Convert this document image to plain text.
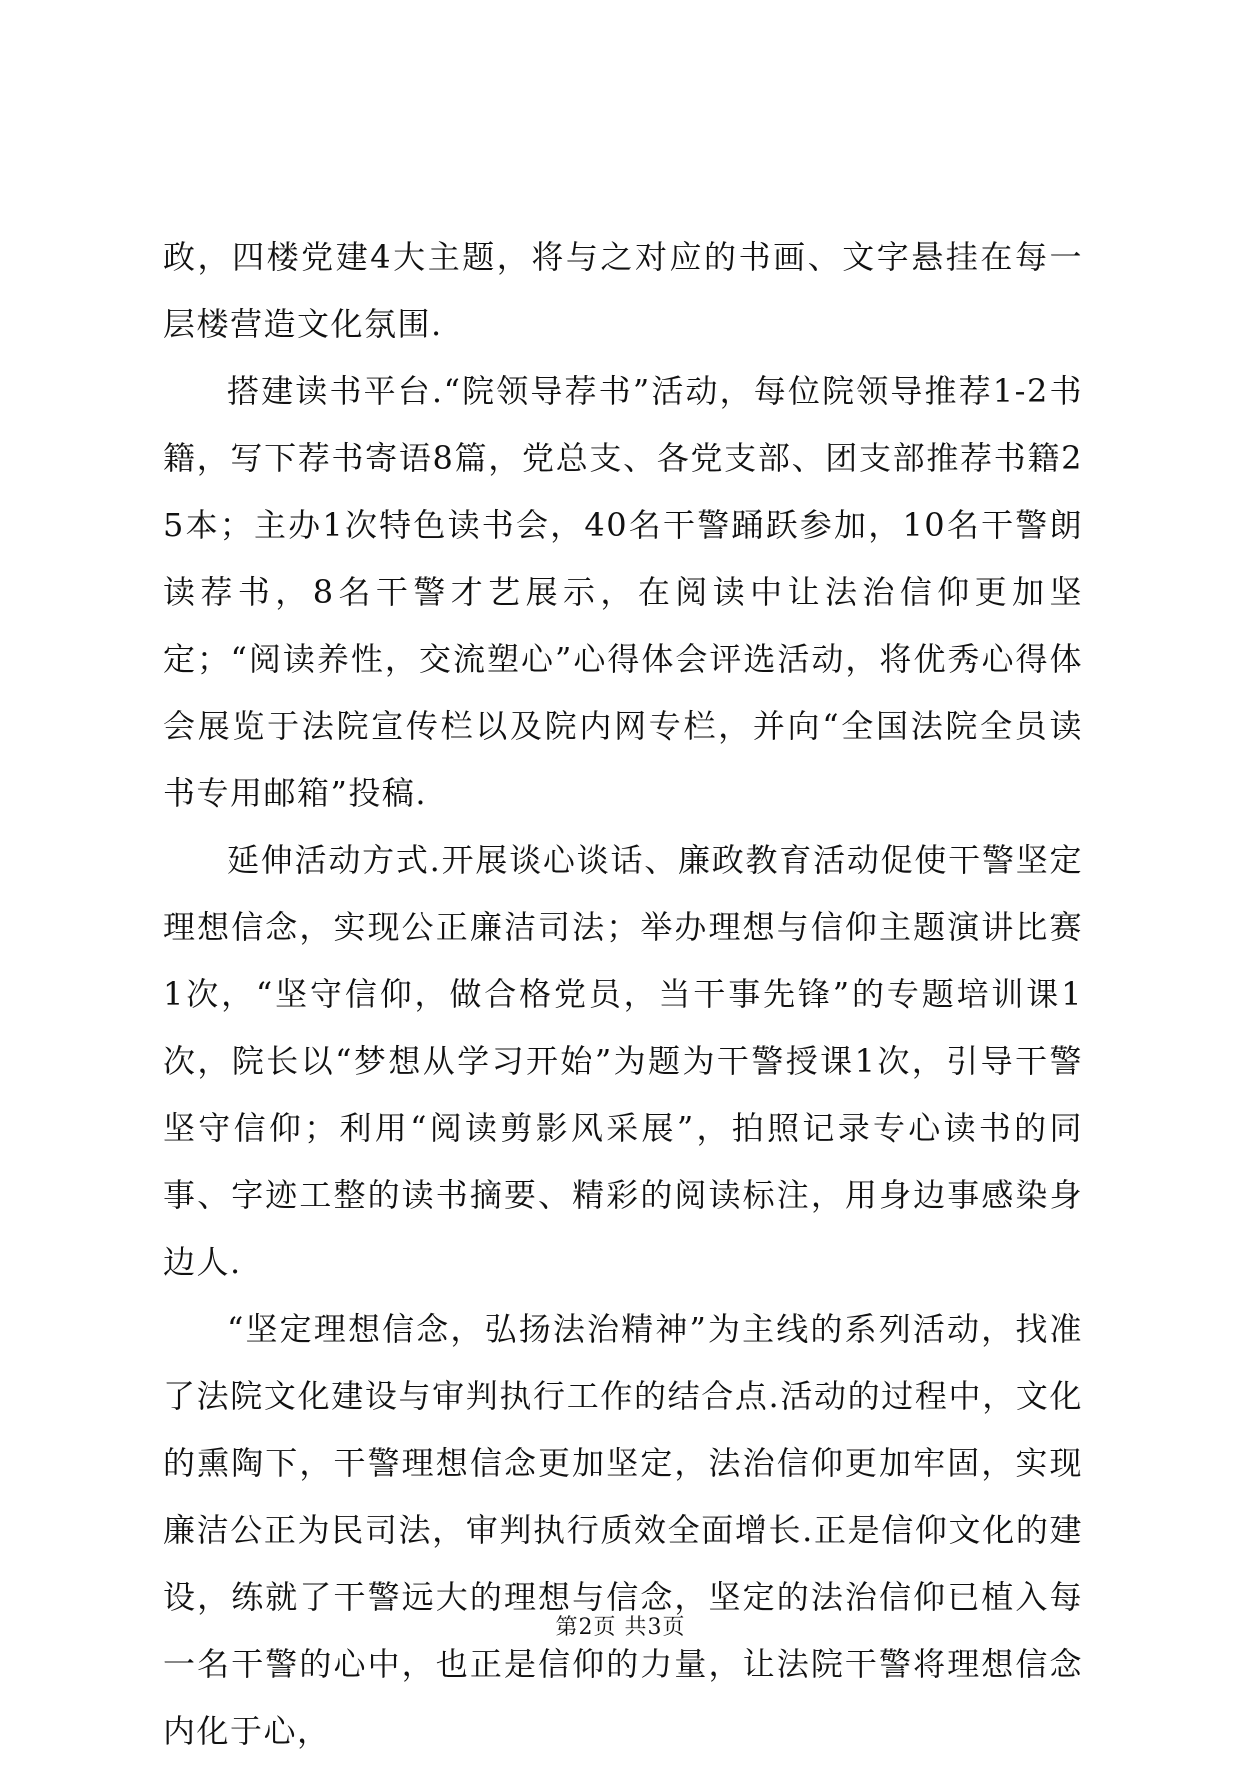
政，四楼党建4大主题，将与之对应的书画、文字悬挂在每一层楼营造文化氛围.

搭建读书平台.“院领导荐书”活动，每位院领导推荐1-2书籍，写下荐书寄语8篇，党总支、各党支部、团支部推荐书籍25本；主办1次特色读书会，40名干警踊跃参加，10名干警朗读荐书，8名干警才艺展示，在阅读中让法治信仰更加坚定；“阅读养性，交流塑心”心得体会评选活动，将优秀心得体会展览于法院宣传栏以及院内网专栏，并向“全国法院全员读书专用邮箱”投稿.

延伸活动方式.开展谈心谈话、廉政教育活动促使干警坚定理想信念，实现公正廉洁司法；举办理想与信仰主题演讲比赛1次，“坚守信仰，做合格党员，当干事先锋”的专题培训课1次，院长以“梦想从学习开始”为题为干警授课1次，引导干警坚守信仰；利用“阅读剪影风采展”，拍照记录专心读书的同事、字迹工整的读书摘要、精彩的阅读标注，用身边事感染身边人.

“坚定理想信念，弘扬法治精神”为主线的系列活动，找准了法院文化建设与审判执行工作的结合点.活动的过程中，文化的熏陶下，干警理想信念更加坚定，法治信仰更加牢固，实现廉洁公正为民司法，审判执行质效全面增长.正是信仰文化的建设，练就了干警远大的理想与信念，坚定的法治信仰已植入每一名干警的心中，也正是信仰的力量，让法院干警将理想信念内化于心，

第2页 共3页
